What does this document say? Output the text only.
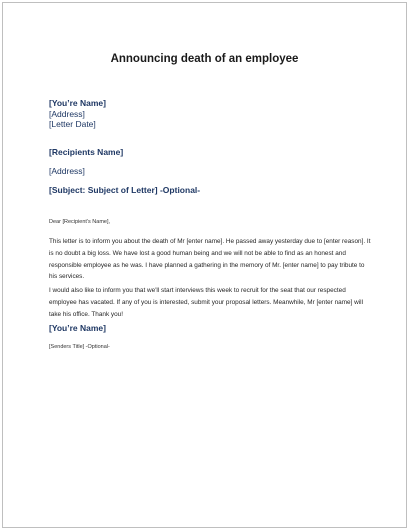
Announcing death of an employee
[You’re Name]
[Address]
[Letter Date]
[Recipients Name]
[Address]
[Subject: Subject of Letter] -Optional-
Dear [Recipient’s Name],
This letter is to inform you about the death of Mr [enter name]. He passed away yesterday due to [enter reason]. It is no doubt a big loss. We have lost a good human being and we will not be able to find as an honest and responsible employee as he was. I have planned a gathering in the memory of Mr. [enter name] to pay tribute to his services.
I would also like to inform you that we'll start interviews this week to recruit for the seat that our respected employee has vacated. If any of you is interested, submit your proposal letters. Meanwhile, Mr [enter name] will take his office. Thank you!
[You’re Name]
[Senders Title] -Optional-
